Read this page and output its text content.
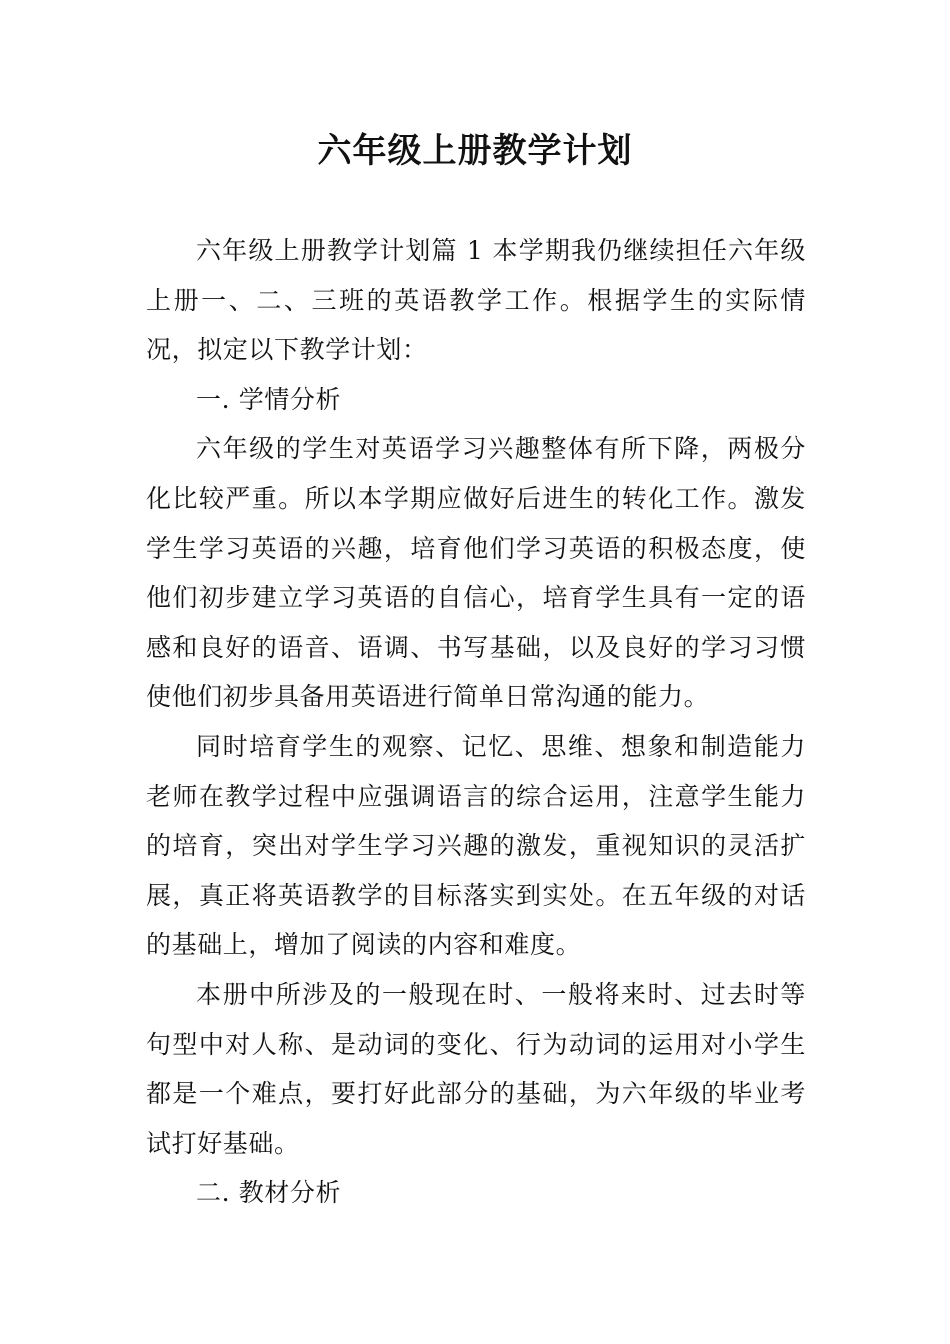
六年级上册教学计划

六年级上册教学计划篇 1 本学期我仍继续担任六年级上册一、二、三班的英语教学工作。根据学生的实际情况，拟定以下教学计划：

一. 学情分析

六年级的学生对英语学习兴趣整体有所下降，两极分化比较严重。所以本学期应做好后进生的转化工作。激发学生学习英语的兴趣，培育他们学习英语的积极态度，使他们初步建立学习英语的自信心，培育学生具有一定的语感和良好的语音、语调、书写基础，以及良好的学习习惯使他们初步具备用英语进行简单日常沟通的能力。

同时培育学生的观察、记忆、思维、想象和制造能力老师在教学过程中应强调语言的综合运用，注意学生能力的培育，突出对学生学习兴趣的激发，重视知识的灵活扩展，真正将英语教学的目标落实到实处。在五年级的对话的基础上，增加了阅读的内容和难度。

本册中所涉及的一般现在时、一般将来时、过去时等句型中对人称、是动词的变化、行为动词的运用对小学生都是一个难点，要打好此部分的基础，为六年级的毕业考试打好基础。

二. 教材分析
